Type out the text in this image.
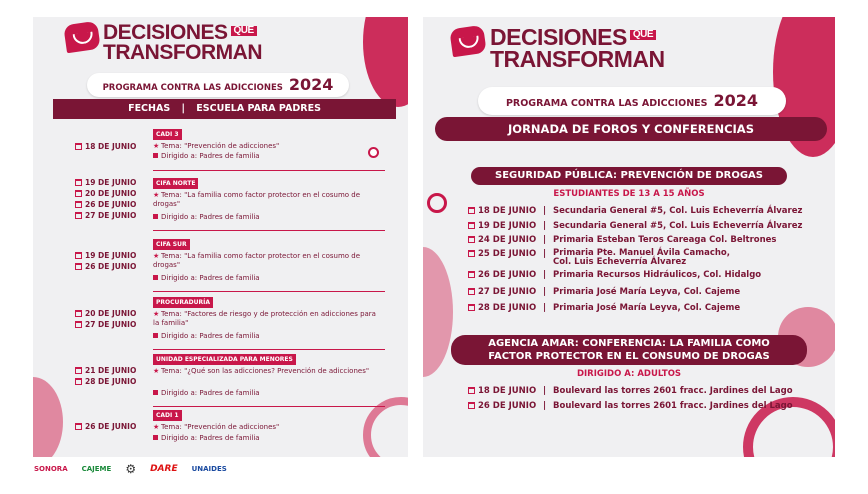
DECISIONES QUE
TRANSFORMAN
PROGRAMA CONTRA LAS ADICCIONES 2024
FECHAS | ESCUELA PARA PADRES
18 DE JUNIO
CADI 3
★ Tema: "Prevención de adicciones"
Dirigido a: Padres de familia
19 DE JUNIO
20 DE JUNIO
26 DE JUNIO
27 DE JUNIO
CIFA NORTE
★ Tema: "La familia como factor protector en el cosumo de drogas"
Dirigido a: Padres de familia
19 DE JUNIO
26 DE JUNIO
CIFA SUR
★ Tema: "La familia como factor protector en el cosumo de drogas"
Dirigido a: Padres de familia
20 DE JUNIO
27 DE JUNIO
PROCURADURÍA
★ Tema: "Factores de riesgo y de protección en adicciones para la familia"
Dirigido a: Padres de familia
21 DE JUNIO
28 DE JUNIO
UNIDAD ESPECIALIZADA PARA MENORES
★ Tema: "¿Qué son las adicciones? Prevención de adicciones"
Dirigido a: Padres de familia
26 DE JUNIO
CADI 1
★ Tema: "Prevención de adicciones"
Dirigido a: Padres de familia
SONORA CAJEME ⚙ DARE UNAIDES
DECISIONES QUE
TRANSFORMAN
PROGRAMA CONTRA LAS ADICCIONES 2024
JORNADA DE FOROS Y CONFERENCIAS
SEGURIDAD PÚBLICA: PREVENCIÓN DE DROGAS
ESTUDIANTES DE 13 A 15 AÑOS
18 DE JUNIO | Secundaria General #5, Col. Luis Echeverría Álvarez
19 DE JUNIO | Secundaria General #5, Col. Luis Echeverría Álvarez
24 DE JUNIO | Primaria Esteban Teros Careaga Col. Beltrones
25 DE JUNIO | Primaria Pte. Manuel Ávila Camacho,
Col. Luis Echeverría Álvarez
26 DE JUNIO | Primaria Recursos Hidráulicos, Col. Hidalgo
27 DE JUNIO | Primaria José María Leyva, Col. Cajeme
28 DE JUNIO | Primaria José María Leyva, Col. Cajeme
AGENCIA AMAR: CONFERENCIA: LA FAMILIA COMO
FACTOR PROTECTOR EN EL CONSUMO DE DROGAS
DIRIGIDO A: ADULTOS
18 DE JUNIO | Boulevard las torres 2601 fracc. Jardines del Lago
26 DE JUNIO | Boulevard las torres 2601 fracc. Jardines del Lago
